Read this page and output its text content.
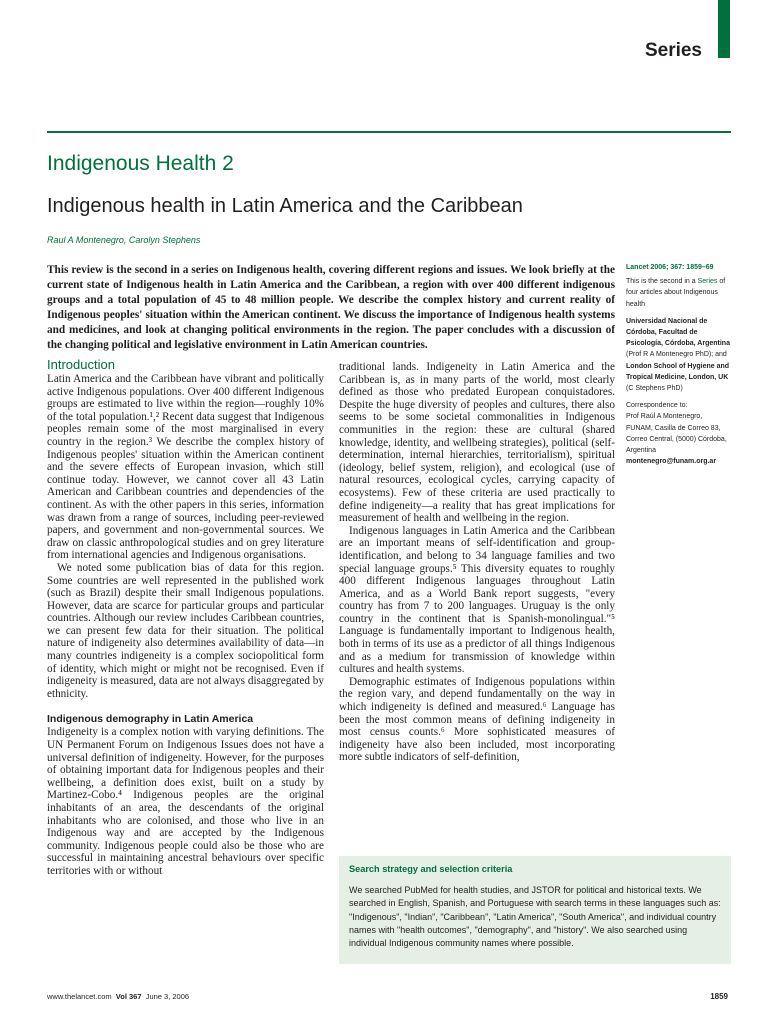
Series
Indigenous Health 2
Indigenous health in Latin America and the Caribbean
Raul A Montenegro, Carolyn Stephens
This review is the second in a series on Indigenous health, covering different regions and issues. We look briefly at the current state of Indigenous health in Latin America and the Caribbean, a region with over 400 different indigenous groups and a total population of 45 to 48 million people. We describe the complex history and current reality of Indigenous peoples' situation within the American continent. We discuss the importance of Indigenous health systems and medicines, and look at changing political environments in the region. The paper concludes with a discussion of the changing political and legislative environment in Latin American countries.
Introduction

Latin America and the Caribbean have vibrant and politically active Indigenous populations. Over 400 different Indigenous groups are estimated to live within the region—roughly 10% of the total population.¹,² Recent data suggest that Indigenous peoples remain some of the most marginalised in every country in the region.³ We describe the complex history of Indigenous peoples' situation within the American continent and the severe effects of European invasion, which still continue today. However, we cannot cover all 43 Latin American and Caribbean countries and dependencies of the continent. As with the other papers in this series, information was drawn from a range of sources, including peer-reviewed papers, and government and non-governmental sources. We draw on classic anthropological studies and on grey literature from international agencies and Indigenous organisations.

We noted some publication bias of data for this region. Some countries are well represented in the published work (such as Brazil) despite their small Indigenous populations. However, data are scarce for particular groups and particular countries. Although our review includes Caribbean countries, we can present few data for their situation. The political nature of indigeneity also determines availability of data—in many countries indigeneity is a complex sociopolitical form of identity, which might or might not be recognised. Even if indigeneity is measured, data are not always disaggregated by ethnicity.

Indigenous demography in Latin America

Indigeneity is a complex notion with varying definitions. The UN Permanent Forum on Indigenous Issues does not have a universal definition of indigeneity. However, for the purposes of obtaining important data for Indigenous peoples and their wellbeing, a definition does exist, built on a study by Martinez-Cobo.⁴ Indigenous peoples are the original inhabitants of an area, the descendants of the original inhabitants who are colonised, and those who live in an Indigenous way and are accepted by the Indigenous community. Indigenous people could also be those who are successful in maintaining ancestral behaviours over specific territories with or without

traditional lands. Indigeneity in Latin America and the Caribbean is, as in many parts of the world, most clearly defined as those who predated European conquistadores. Despite the huge diversity of peoples and cultures, there also seems to be some societal commonalities in Indigenous communities in the region: these are cultural (shared knowledge, identity, and wellbeing strategies), political (self-determination, internal hierarchies, territorialism), spiritual (ideology, belief system, religion), and ecological (use of natural resources, ecological cycles, carrying capacity of ecosystems). Few of these criteria are used practically to define indigeneity—a reality that has great implications for measurement of health and wellbeing in the region.

Indigenous languages in Latin America and the Caribbean are an important means of self-identification and group-identification, and belong to 34 language families and two special language groups.⁵ This diversity equates to roughly 400 different Indigenous languages throughout Latin America, and as a World Bank report suggests, "every country has from 7 to 200 languages. Uruguay is the only country in the continent that is Spanish-monolingual."⁵ Language is fundamentally important to Indigenous health, both in terms of its use as a predictor of all things Indigenous and as a medium for transmission of knowledge within cultures and health systems.

Demographic estimates of Indigenous populations within the region vary, and depend fundamentally on the way in which indigeneity is defined and measured.⁶ Language has been the most common means of defining indigeneity in most census counts.⁶ More sophisticated measures of indigeneity have also been included, most incorporating more subtle indicators of self-definition,

Lancet 2006; 367: 1859–69
This is the second in a Series of four articles about Indigenous health
Universidad Nacional de Córdoba, Facultad de Psicología, Córdoba, Argentina (Prof R A Montenegro PhD); and London School of Hygiene and Tropical Medicine, London, UK (C Stephens PhD)
Correspondence to:
Prof Raúl A Montenegro,
FUNAM, Casilla de Correo 83,
Correo Central, (5000) Córdoba,
Argentina
montenegro@funam.org.ar
Search strategy and selection criteria
We searched PubMed for health studies, and JSTOR for political and historical texts. We searched in English, Spanish, and Portuguese with search terms in these languages such as: "Indigenous", "Indian", "Caribbean", "Latin America", "South America", and individual country names with "health outcomes", "demography", and "history". We also searched using individual Indigenous community names where possible.
www.thelancet.com Vol 367 June 3, 2006	1859
